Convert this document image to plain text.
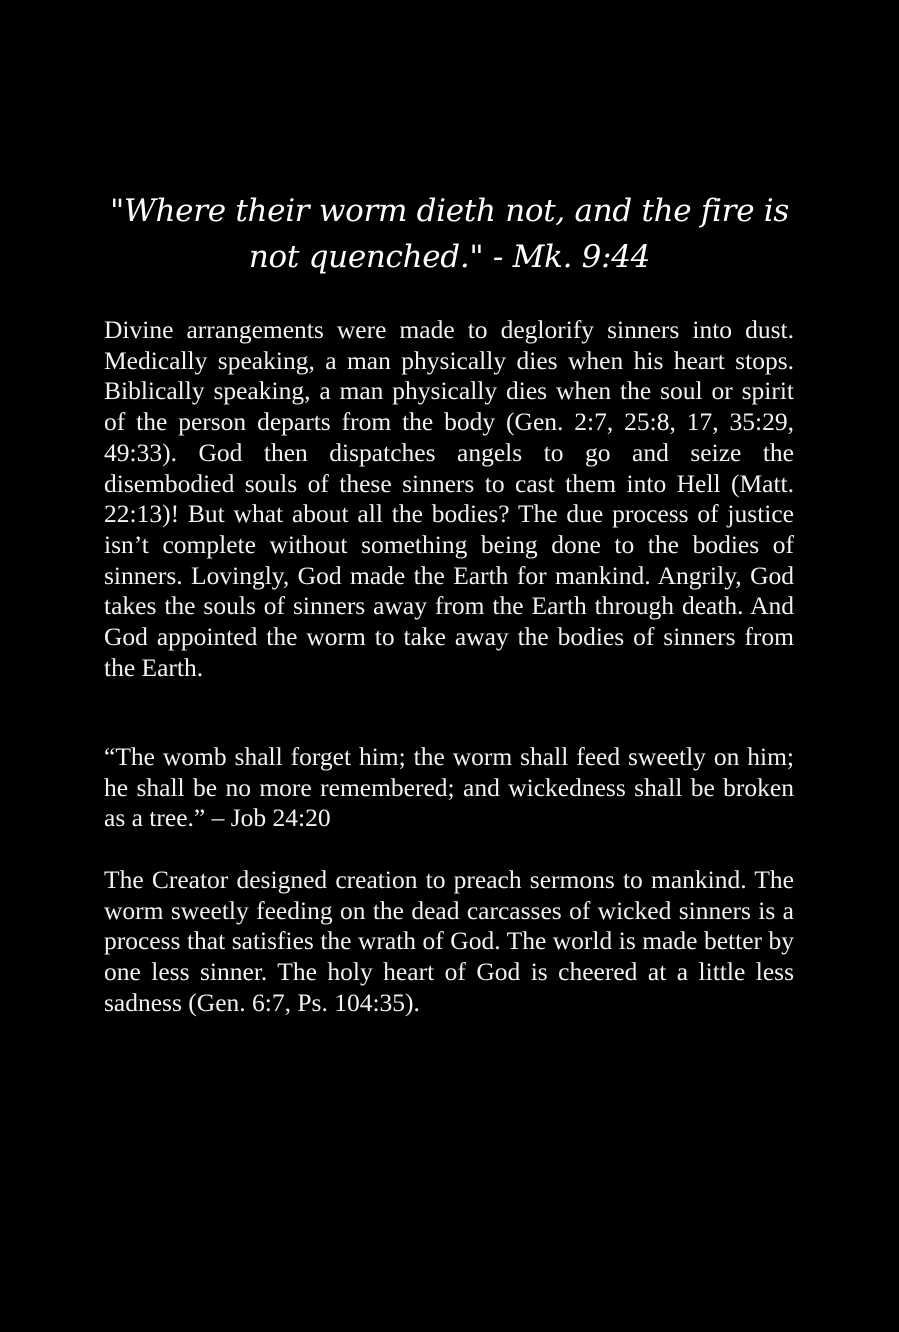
"Where their worm dieth not, and the fire is not quenched." - Mk. 9:44

Divine arrangements were made to deglorify sinners into dust. Medically speaking, a man physically dies when his heart stops. Biblically speaking, a man physically dies when the soul or spirit of the person departs from the body (Gen. 2:7, 25:8, 17, 35:29, 49:33). God then dispatches angels to go and seize the disembodied souls of these sinners to cast them into Hell (Matt. 22:13)! But what about all the bodies? The due process of justice isn’t complete without something being done to the bodies of sinners. Lovingly, God made the Earth for mankind. Angrily, God takes the souls of sinners away from the Earth through death. And God appointed the worm to take away the bodies of sinners from the Earth.

“The womb shall forget him; the worm shall feed sweetly on him; he shall be no more remembered; and wickedness shall be broken as a tree.” – Job 24:20

The Creator designed creation to preach sermons to mankind. The worm sweetly feeding on the dead carcasses of wicked sinners is a process that satisfies the wrath of God. The world is made better by one less sinner. The holy heart of God is cheered at a little less sadness (Gen. 6:7, Ps. 104:35).
